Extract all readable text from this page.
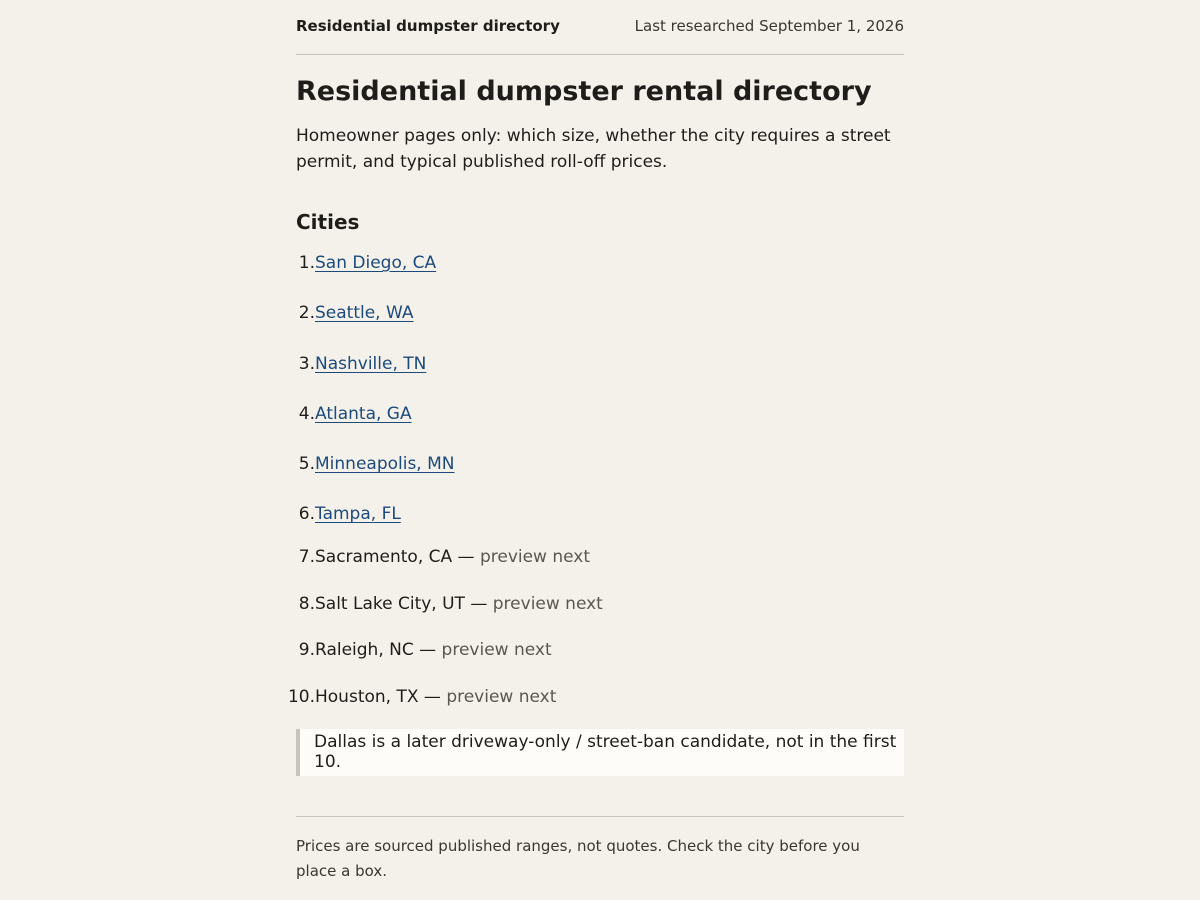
Residential dumpster directory	Last researched September 1, 2026
Residential dumpster rental directory

Homeowner pages only: which size, whether the city requires a street permit, and typical published roll-off prices.

Cities
1. San Diego, CA
2. Seattle, WA
3. Nashville, TN
4. Atlanta, GA
5. Minneapolis, MN
6. Tampa, FL
7. Sacramento, CA — preview next
8. Salt Lake City, UT — preview next
9. Raleigh, NC — preview next
10. Houston, TX — preview next
Dallas is a later driveway-only / street-ban candidate, not in the first 10.

Prices are sourced published ranges, not quotes. Check the city before you place a box.
